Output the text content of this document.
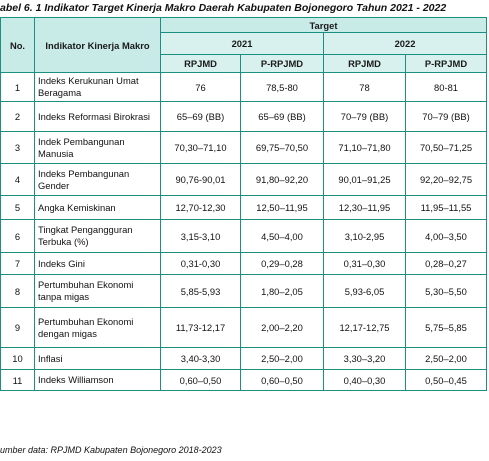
abel 6. 1 Indikator Target Kinerja Makro Daerah Kabupaten Bojonegoro Tahun 2021 - 2022
No.	Indikator Kinerja Makro	Target			
		2021		2022	
		RPJMD	P-RPJMD	RPJMD	P-RPJMD
1	Indeks Kerukunan Umat Beragama	76	78,5-80	78	80-81
2	Indeks Reformasi Birokrasi	65–69 (BB)	65–69 (BB)	70–79 (BB)	70–79 (BB)
3	Indek Pembangunan Manusia	70,30–71,10	69,75–70,50	71,10–71,80	70,50–71,25
4	Indeks Pembangunan Gender	90,76-90,01	91,80–92,20	90,01–91,25	92,20–92,75
5	Angka Kemiskinan	12,70-12,30	12,50–11,95	12,30–11,95	11,95–11,55
6	Tingkat Pengangguran Terbuka (%)	3,15-3,10	4,50–4,00	3,10-2,95	4,00–3,50
7	Indeks Gini	0,31-0,30	0,29–0,28	0,31–0,30	0,28–0,27
8	Pertumbuhan Ekonomi tanpa migas	5,85-5,93	1,80–2,05	5,93-6,05	5,30–5,50
9	Pertumbuhan Ekonomi dengan migas	11,73-12,17	2,00–2,20	12,17-12,75	5,75–5,85
10	Inflasi	3,40-3,30	2,50–2,00	3,30–3,20	2,50–2,00
11	Indeks Williamson	0,60–0,50	0,60–0,50	0,40–0,30	0,50–0,45
umber data: RPJMD Kabupaten Bojonegoro 2018-2023
